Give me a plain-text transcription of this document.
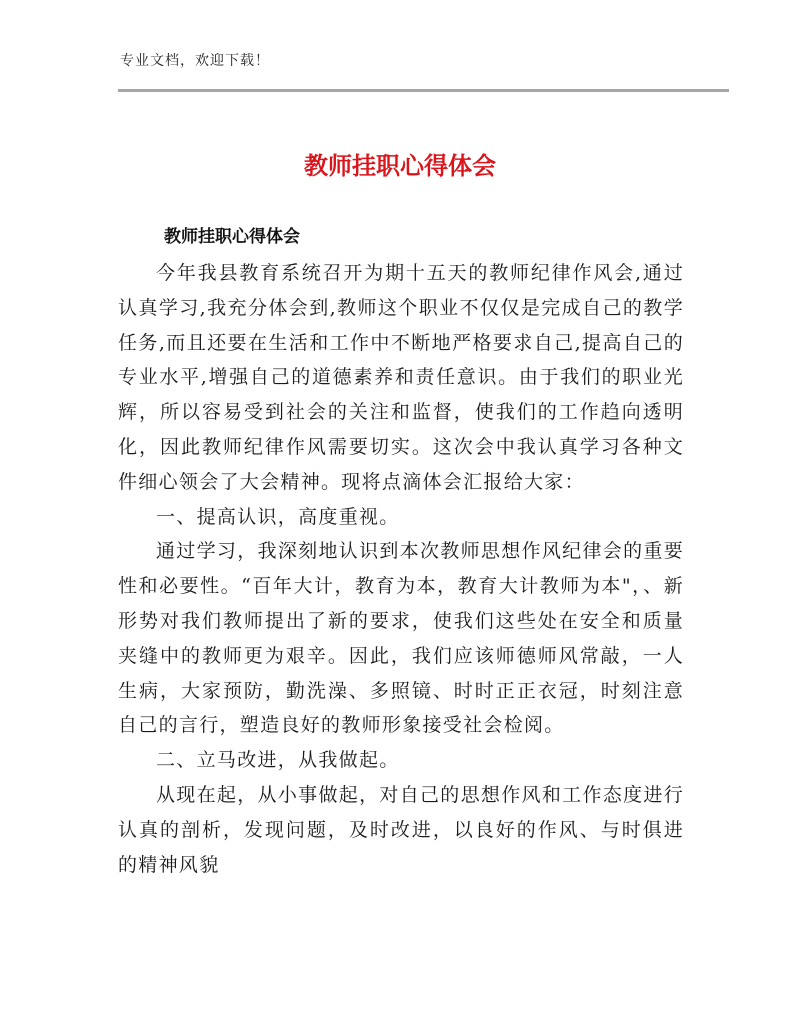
专业文档，欢迎下载！
教师挂职心得体会
教师挂职心得体会

今年我县教育系统召开为期十五天的教师纪律作风会,通过认真学习,我充分体会到,教师这个职业不仅仅是完成自己的教学任务,而且还要在生活和工作中不断地严格要求自己,提高自己的专业水平,增强自己的道德素养和责任意识。由于我们的职业光辉，所以容易受到社会的关注和监督，使我们的工作趋向透明化，因此教师纪律作风需要切实。这次会中我认真学习各种文件细心领会了大会精神。现将点滴体会汇报给大家：

一、提高认识，高度重视。

通过学习，我深刻地认识到本次教师思想作风纪律会的重要性和必要性。“百年大计，教育为本，教育大计教师为本"，、新形势对我们教师提出了新的要求，使我们这些处在安全和质量夹缝中的教师更为艰辛。因此，我们应该师德师风常敲，一人生病，大家预防，勤洗澡、多照镜、时时正正衣冠，时刻注意自己的言行，塑造良好的教师形象接受社会检阅。

二、立马改进，从我做起。

从现在起，从小事做起，对自己的思想作风和工作态度进行认真的剖析，发现问题，及时改进，以良好的作风、与时俱进的精神风貌
